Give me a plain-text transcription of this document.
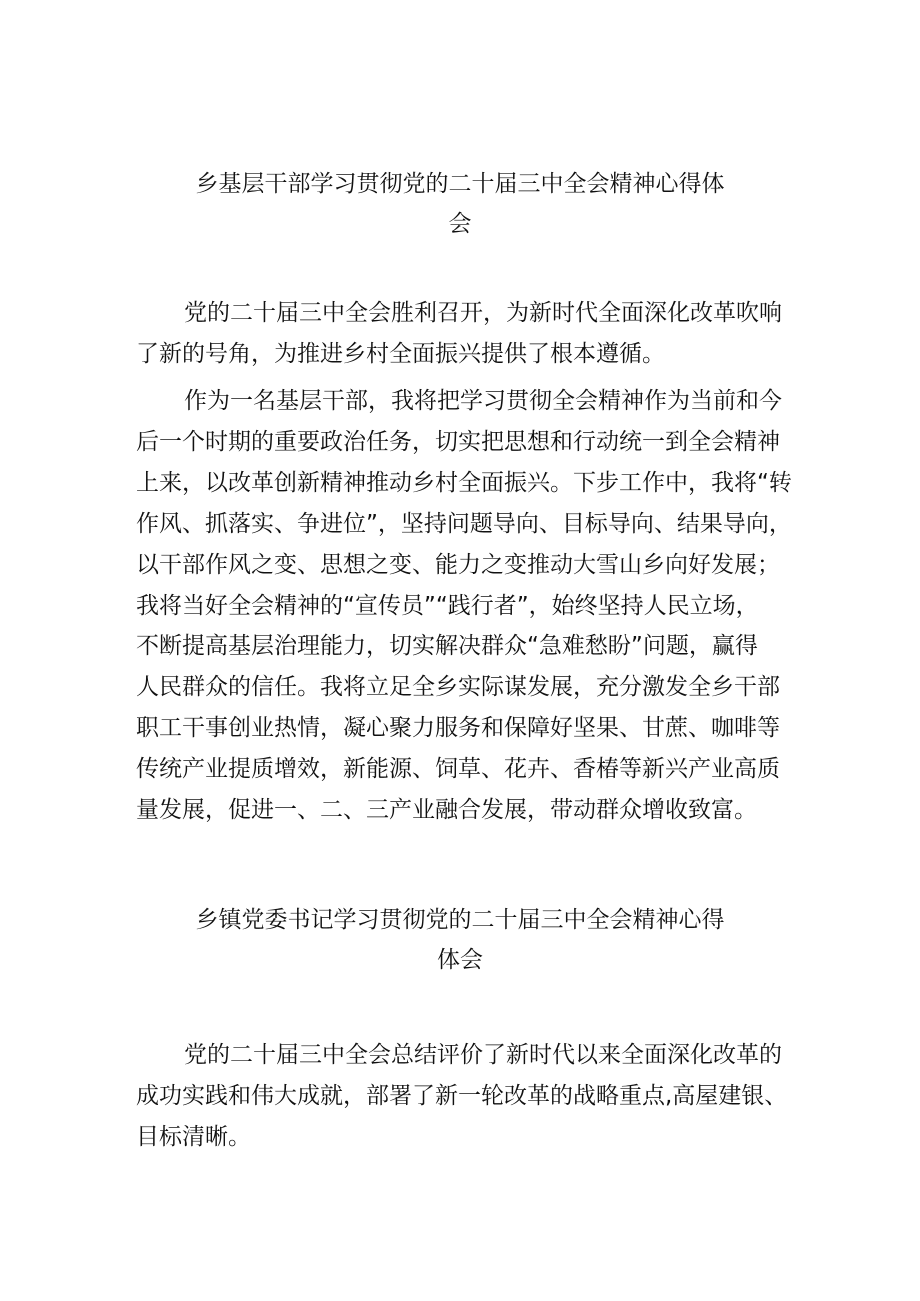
乡基层干部学习贯彻党的二十届三中全会精神心得体
会

党的二十届三中全会胜利召开，为新时代全面深化改革吹响
了新的号角，为推进乡村全面振兴提供了根本遵循。

作为一名基层干部，我将把学习贯彻全会精神作为当前和今
后一个时期的重要政治任务，切实把思想和行动统一到全会精神
上来，以改革创新精神推动乡村全面振兴。下步工作中，我将“转
作风、抓落实、争进位”，坚持问题导向、目标导向、结果导向，
以干部作风之变、思想之变、能力之变推动大雪山乡向好发展；
我将当好全会精神的“宣传员”“践行者”，始终坚持人民立场，
不断提高基层治理能力，切实解决群众“急难愁盼”问题，赢得
人民群众的信任。我将立足全乡实际谋发展，充分激发全乡干部
职工干事创业热情，凝心聚力服务和保障好坚果、甘蔗、咖啡等
传统产业提质增效，新能源、饲草、花卉、香椿等新兴产业高质
量发展，促进一、二、三产业融合发展，带动群众增收致富。

乡镇党委书记学习贯彻党的二十届三中全会精神心得
体会

党的二十届三中全会总结评价了新时代以来全面深化改革的
成功实践和伟大成就，部署了新一轮改革的战略重点,高屋建银、
目标清晰。
